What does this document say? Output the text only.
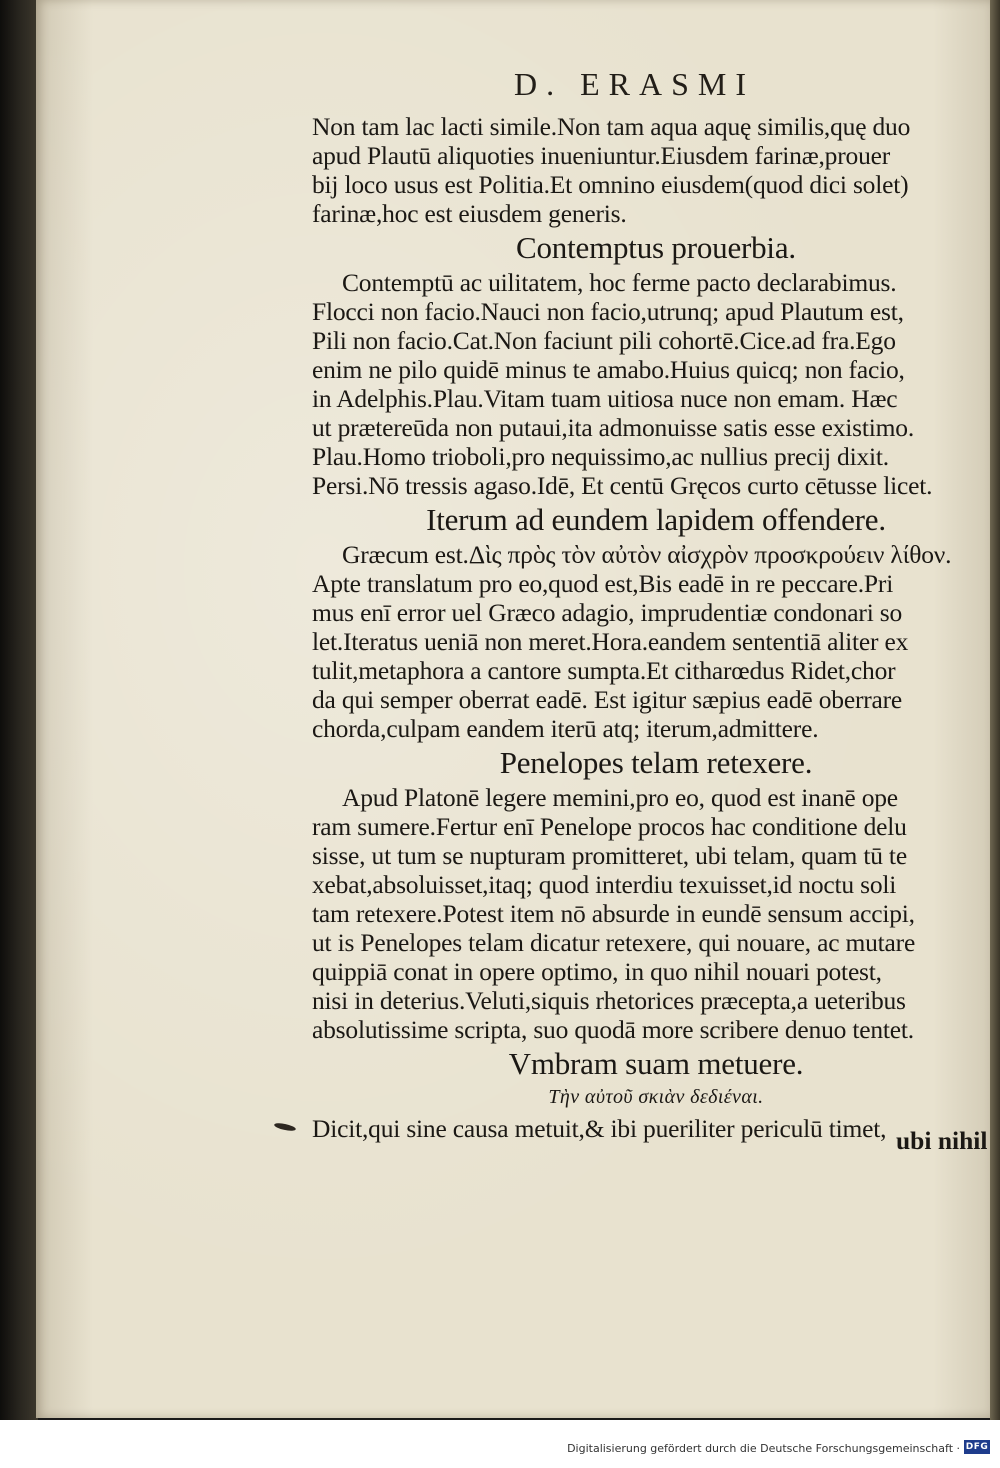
D. ERASMI
Non tam lac lacti simile.Non tam aqua aquę similis,quę duo
apud Plautū aliquoties inueniuntur.Eiusdem farinæ,prouer
bij loco usus est Politia.Et omnino eiusdem(quod dici solet)
farinæ,hoc est eiusdem generis.
Contemptus prouerbia.
Contemptū ac uilitatem, hoc ferme pacto declarabimus.
Flocci non facio.Nauci non facio,utrunq; apud Plautum est,
Pili non facio.Cat.Non faciunt pili cohortē.Cice.ad fra.Ego
enim ne pilo quidē minus te amabo.Huius quicq; non facio,
in Adelphis.Plau.Vitam tuam uitiosa nuce non emam. Hæc
ut prætereūda non putaui,ita admonuisse satis esse existimo.
Plau.Homo trioboli,pro nequissimo,ac nullius precij dixit.
Persi.Nō tressis agaso.Idē, Et centū Gręcos curto cētusse licet.
Iterum ad eundem lapidem offendere.
Græcum est.Δὶς πρὸς τὸν αὐτὸν αἰσχρὸν προσκρούειν λίθον.
Apte translatum pro eo,quod est,Bis eadē in re peccare.Pri
mus enī error uel Græco adagio, imprudentiæ condonari so
let.Iteratus ueniā non meret.Hora.eandem sententiā aliter ex
tulit,metaphora a cantore sumpta.Et citharœdus Ridet,chor
da qui semper oberrat eadē. Est igitur sæpius eadē oberrare
chorda,culpam eandem iterū atq; iterum,admittere.
Penelopes telam retexere.
Apud Platonē legere memini,pro eo, quod est inanē ope
ram sumere.Fertur enī Penelope procos hac conditione delu
sisse, ut tum se nupturam promitteret, ubi telam, quam tū te
xebat,absoluisset,itaq; quod interdiu texuisset,id noctu soli
tam retexere.Potest item nō absurde in eundē sensum accipi,
ut is Penelopes telam dicatur retexere, qui nouare, ac mutare
quippiā conat in opere optimo, in quo nihil nouari potest,
nisi in deterius.Veluti,siquis rhetorices præcepta,a ueteribus
absolutissime scripta, suo quodā more scribere denuo tentet.
Vmbram suam metuere.
Τὴν αὐτοῦ σκιὰν δεδιέναι.
Dicit,qui sine causa metuit,& ibi pueriliter periculū timet, ubi nihil
Digitalisierung gefördert durch die Deutsche Forschungsgemeinschaft · DFG
